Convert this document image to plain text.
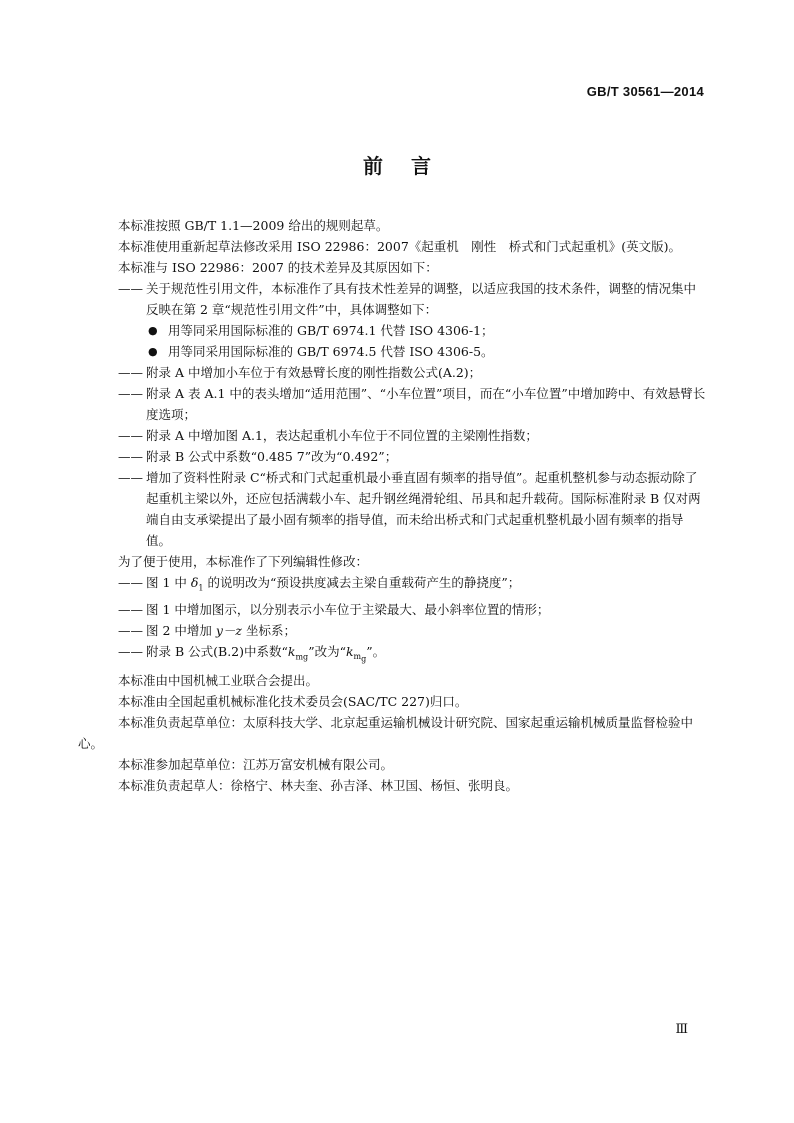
GB/T 30561—2014
前言

本标准按照 GB/T 1.1—2009 给出的规则起草。

本标准使用重新起草法修改采用 ISO 22986：2007《起重机　刚性　桥式和门式起重机》(英文版)。

本标准与 ISO 22986：2007 的技术差异及其原因如下：

—— 关于规范性引用文件，本标准作了具有技术性差异的调整，以适应我国的技术条件，调整的情况集中反映在第 2 章“规范性引用文件”中，具体调整如下：
● 用等同采用国际标准的 GB/T 6974.1 代替 ISO 4306-1；
● 用等同采用国际标准的 GB/T 6974.5 代替 ISO 4306-5。
—— 附录 A 中增加小车位于有效悬臂长度的刚性指数公式(A.2)；
—— 附录 A 表 A.1 中的表头增加“适用范围”、“小车位置”项目，而在“小车位置”中增加跨中、有效悬臂长度选项；
—— 附录 A 中增加图 A.1，表达起重机小车位于不同位置的主梁刚性指数；
—— 附录 B 公式中系数“0.485 7”改为“0.492”；
—— 增加了资料性附录 C“桥式和门式起重机最小垂直固有频率的指导值”。起重机整机参与动态振动除了起重机主梁以外，还应包括满载小车、起升钢丝绳滑轮组、吊具和起升载荷。国际标准附录 B 仅对两端自由支承梁提出了最小固有频率的指导值，而未给出桥式和门式起重机整机最小固有频率的指导值。

为了便于使用，本标准作了下列编辑性修改：

—— 图 1 中 $\delta_1$ 的说明改为“预设拱度减去主梁自重载荷产生的静挠度”；
—— 图 1 中增加图示，以分别表示小车位于主梁最大、最小斜率位置的情形；
—— 图 2 中增加 y－z 坐标系；
—— 附录 B 公式(B.2)中系数“$k_{mg}$”改为“$k_{m_g}$”。

本标准由中国机械工业联合会提出。

本标准由全国起重机械标准化技术委员会(SAC/TC 227)归口。

本标准负责起草单位：太原科技大学、北京起重运输机械设计研究院、国家起重运输机械质量监督检验中心。

本标准参加起草单位：江苏万富安机械有限公司。

本标准负责起草人：徐格宁、林夫奎、孙吉泽、林卫国、杨恒、张明良。

Ⅲ
